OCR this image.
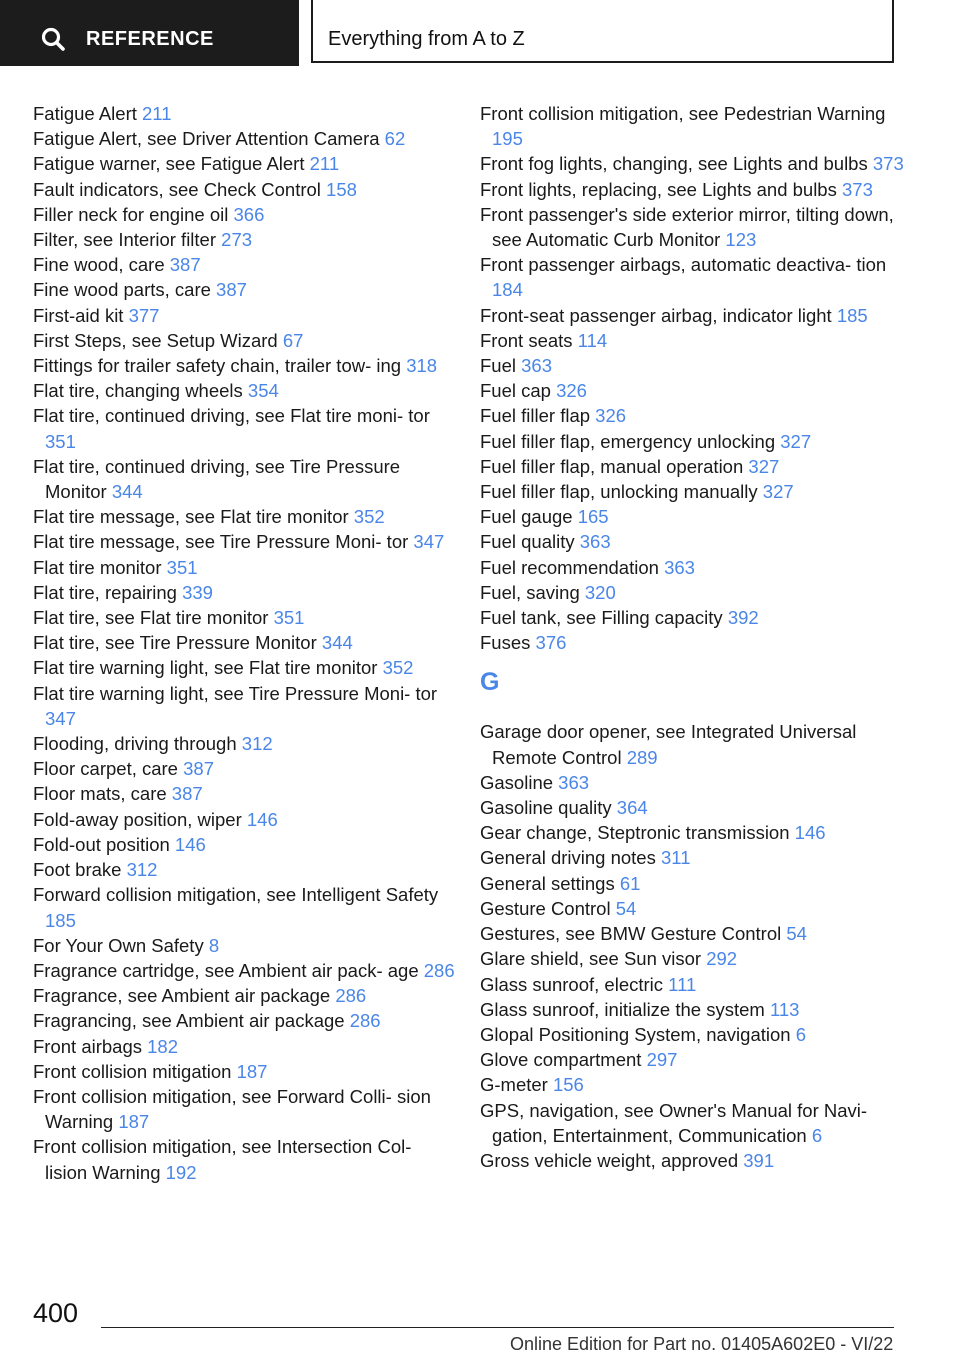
REFERENCE	Everything from A to Z
Fatigue Alert 211
Fatigue Alert, see Driver Attention Camera 62
Fatigue warner, see Fatigue Alert 211
Fault indicators, see Check Control 158
Filler neck for engine oil 366
Filter, see Interior filter 273
Fine wood, care 387
Fine wood parts, care 387
First-aid kit 377
First Steps, see Setup Wizard 67
Fittings for trailer safety chain, trailer tow‐ ing 318
Flat tire, changing wheels 354
Flat tire, continued driving, see Flat tire moni‐ tor 351
Flat tire, continued driving, see Tire Pressure Monitor 344
Flat tire message, see Flat tire monitor 352
Flat tire message, see Tire Pressure Moni‐ tor 347
Flat tire monitor 351
Flat tire, repairing 339
Flat tire, see Flat tire monitor 351
Flat tire, see Tire Pressure Monitor 344
Flat tire warning light, see Flat tire monitor 352
Flat tire warning light, see Tire Pressure Moni‐ tor 347
Flooding, driving through 312
Floor carpet, care 387
Floor mats, care 387
Fold-away position, wiper 146
Fold-out position 146
Foot brake 312
Forward collision mitigation, see Intelligent Safety 185
For Your Own Safety 8
Fragrance cartridge, see Ambient air pack‐ age 286
Fragrance, see Ambient air package 286
Fragrancing, see Ambient air package 286
Front airbags 182
Front collision mitigation 187
Front collision mitigation, see Forward Colli‐ sion Warning 187
Front collision mitigation, see Intersection Col‐ lision Warning 192
Front collision mitigation, see Pedestrian Warning 195
Front fog lights, changing, see Lights and bulbs 373
Front lights, replacing, see Lights and bulbs 373
Front passenger's side exterior mirror, tilting down, see Automatic Curb Monitor 123
Front passenger airbags, automatic deactiva‐ tion 184
Front-seat passenger airbag, indicator light 185
Front seats 114
Fuel 363
Fuel cap 326
Fuel filler flap 326
Fuel filler flap, emergency unlocking 327
Fuel filler flap, manual operation 327
Fuel filler flap, unlocking manually 327
Fuel gauge 165
Fuel quality 363
Fuel recommendation 363
Fuel, saving 320
Fuel tank, see Filling capacity 392
Fuses 376
G
Garage door opener, see Integrated Universal Remote Control 289
Gasoline 363
Gasoline quality 364
Gear change, Steptronic transmission 146
General driving notes 311
General settings 61
Gesture Control 54
Gestures, see BMW Gesture Control 54
Glare shield, see Sun visor 292
Glass sunroof, electric 111
Glass sunroof, initialize the system 113
Glopal Positioning System, navigation 6
Glove compartment 297
G-meter 156
GPS, navigation, see Owner's Manual for Navi‐ gation, Entertainment, Communication 6
Gross vehicle weight, approved 391
400
Online Edition for Part no. 01405A602E0 - VI/22
